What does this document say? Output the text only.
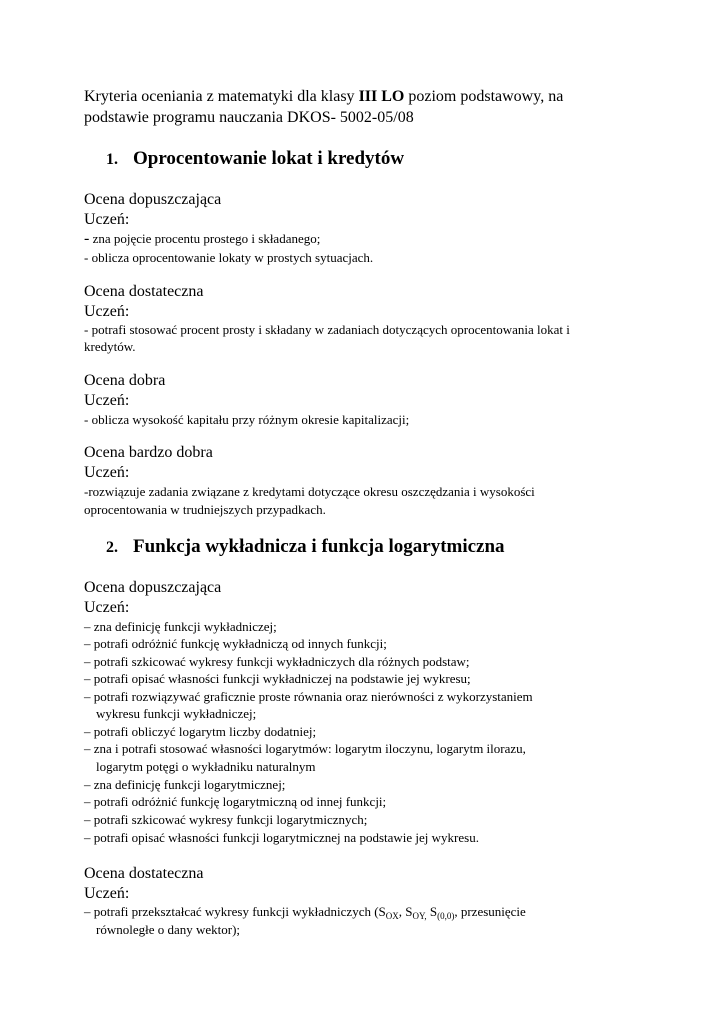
Kryteria oceniania z matematyki dla klasy III LO poziom podstawowy, na
podstawie programu nauczania DKOS- 5002-05/08
1. Oprocentowanie lokat i kredytów
Ocena dopuszczająca
Uczeń:
- zna pojęcie procentu prostego i składanego;
- oblicza oprocentowanie lokaty w prostych sytuacjach.
Ocena dostateczna
Uczeń:
- potrafi stosować procent prosty i składany w zadaniach dotyczących oprocentowania lokat i
kredytów.
Ocena dobra
Uczeń:
- oblicza wysokość kapitału przy różnym okresie kapitalizacji;
Ocena bardzo dobra
Uczeń:
-rozwiązuje zadania związane z kredytami dotyczące okresu oszczędzania i wysokości
oprocentowania w trudniejszych przypadkach.
2. Funkcja wykładnicza i funkcja logarytmiczna
Ocena dopuszczająca
Uczeń:
– zna definicję funkcji wykładniczej;
– potrafi odróżnić funkcję wykładniczą od innych funkcji;
– potrafi szkicować wykresy funkcji wykładniczych dla różnych podstaw;
– potrafi opisać własności funkcji wykładniczej na podstawie jej wykresu;
– potrafi rozwiązywać graficznie proste równania oraz nierówności z wykorzystaniem
wykresu funkcji wykładniczej;
– potrafi obliczyć logarytm liczby dodatniej;
– zna i potrafi stosować własności logarytmów: logarytm iloczynu, logarytm ilorazu,
logarytm potęgi o wykładniku naturalnym
– zna definicję funkcji logarytmicznej;
– potrafi odróżnić funkcję logarytmiczną od innej funkcji;
– potrafi szkicować wykresy funkcji logarytmicznych;
– potrafi opisać własności funkcji logarytmicznej na podstawie jej wykresu.
Ocena dostateczna
Uczeń:
– potrafi przekształcać wykresy funkcji wykładniczych ($S_{OX}$, $S_{OY,}$ $S_{(0,0)}$, przesunięcie
równoległe o dany wektor);
